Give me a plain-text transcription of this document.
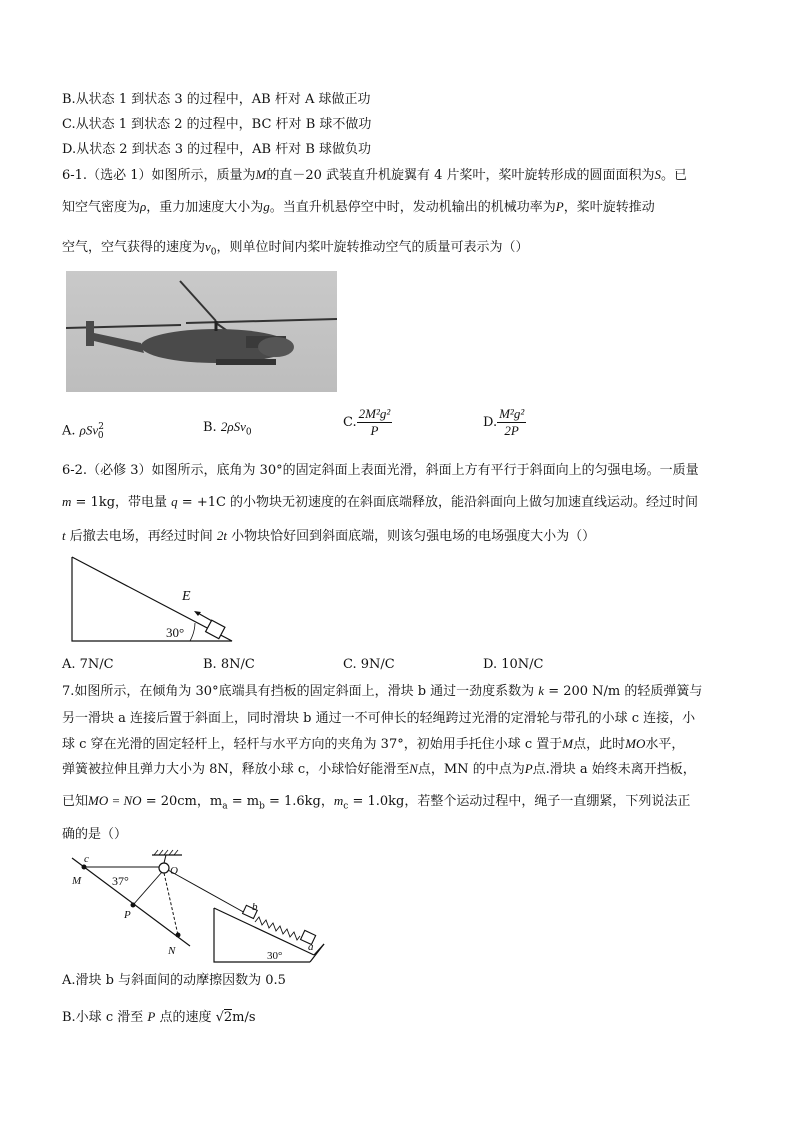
B.从状态 1 到状态 3 的过程中，AB 杆对 A 球做正功
C.从状态 1 到状态 2 的过程中，BC 杆对 B 球不做功
D.从状态 2 到状态 3 的过程中，AB 杆对 B 球做负功
6-1.（选必 1）如图所示，质量为M的直－20 武装直升机旋翼有 4 片桨叶，桨叶旋转形成的圆面面积为S。已
知空气密度为ρ，重力加速度大小为g。当直升机悬停空中时，发动机输出的机械功率为P，桨叶旋转推动
空气，空气获得的速度为$v_0$，则单位时间内桨叶旋转推动空气的质量可表示为（）
A. ρSv$^2_0$
B. 2ρSv$_0$
C. $\frac{\text{2M²g²}}{P}$	D. $\frac{\text{M²g²}}{2P}$
6-2.（必修 3）如图所示，底角为 30°的固定斜面上表面光滑，斜面上方有平行于斜面向上的匀强电场。一质量
m = 1kg，带电量 q = +1C 的小物块无初速度的在斜面底端释放，能沿斜面向上做匀加速直线运动。经过时间
t 后撤去电场，再经过时间 2t 小物块恰好回到斜面底端，则该匀强电场的电场强度大小为（）
E
30°
A. 7N/C	B. 8N/C	C. 9N/C	D. 10N/C
7.如图所示，在倾角为 30°底端具有挡板的固定斜面上，滑块 b 通过一劲度系数为 k = 200 N/m 的轻质弹簧与
另一滑块 a 连接后置于斜面上，同时滑块 b 通过一不可伸长的轻绳跨过光滑的定滑轮与带孔的小球 c 连接，小
球 c 穿在光滑的固定轻杆上，轻杆与水平方向的夹角为 37°，初始用手托住小球 c 置于M点，此时MO水平，
弹簧被拉伸且弹力大小为 8N，释放小球 c，小球恰好能滑至N点，MN 的中点为P点.滑块 a 始终未离开挡板，
已知MO = NO = 20cm，$m_a = m_b = 1.6kg$，$m_c = 1.0kg$，若整个运动过程中，绳子一直绷紧，下列说法正
确的是（）
c
M
O
P
N
b
a
37°
30°
A.滑块 b 与斜面间的动摩擦因数为 0.5
B.小球 c 滑至 P 点的速度 √2m/s
